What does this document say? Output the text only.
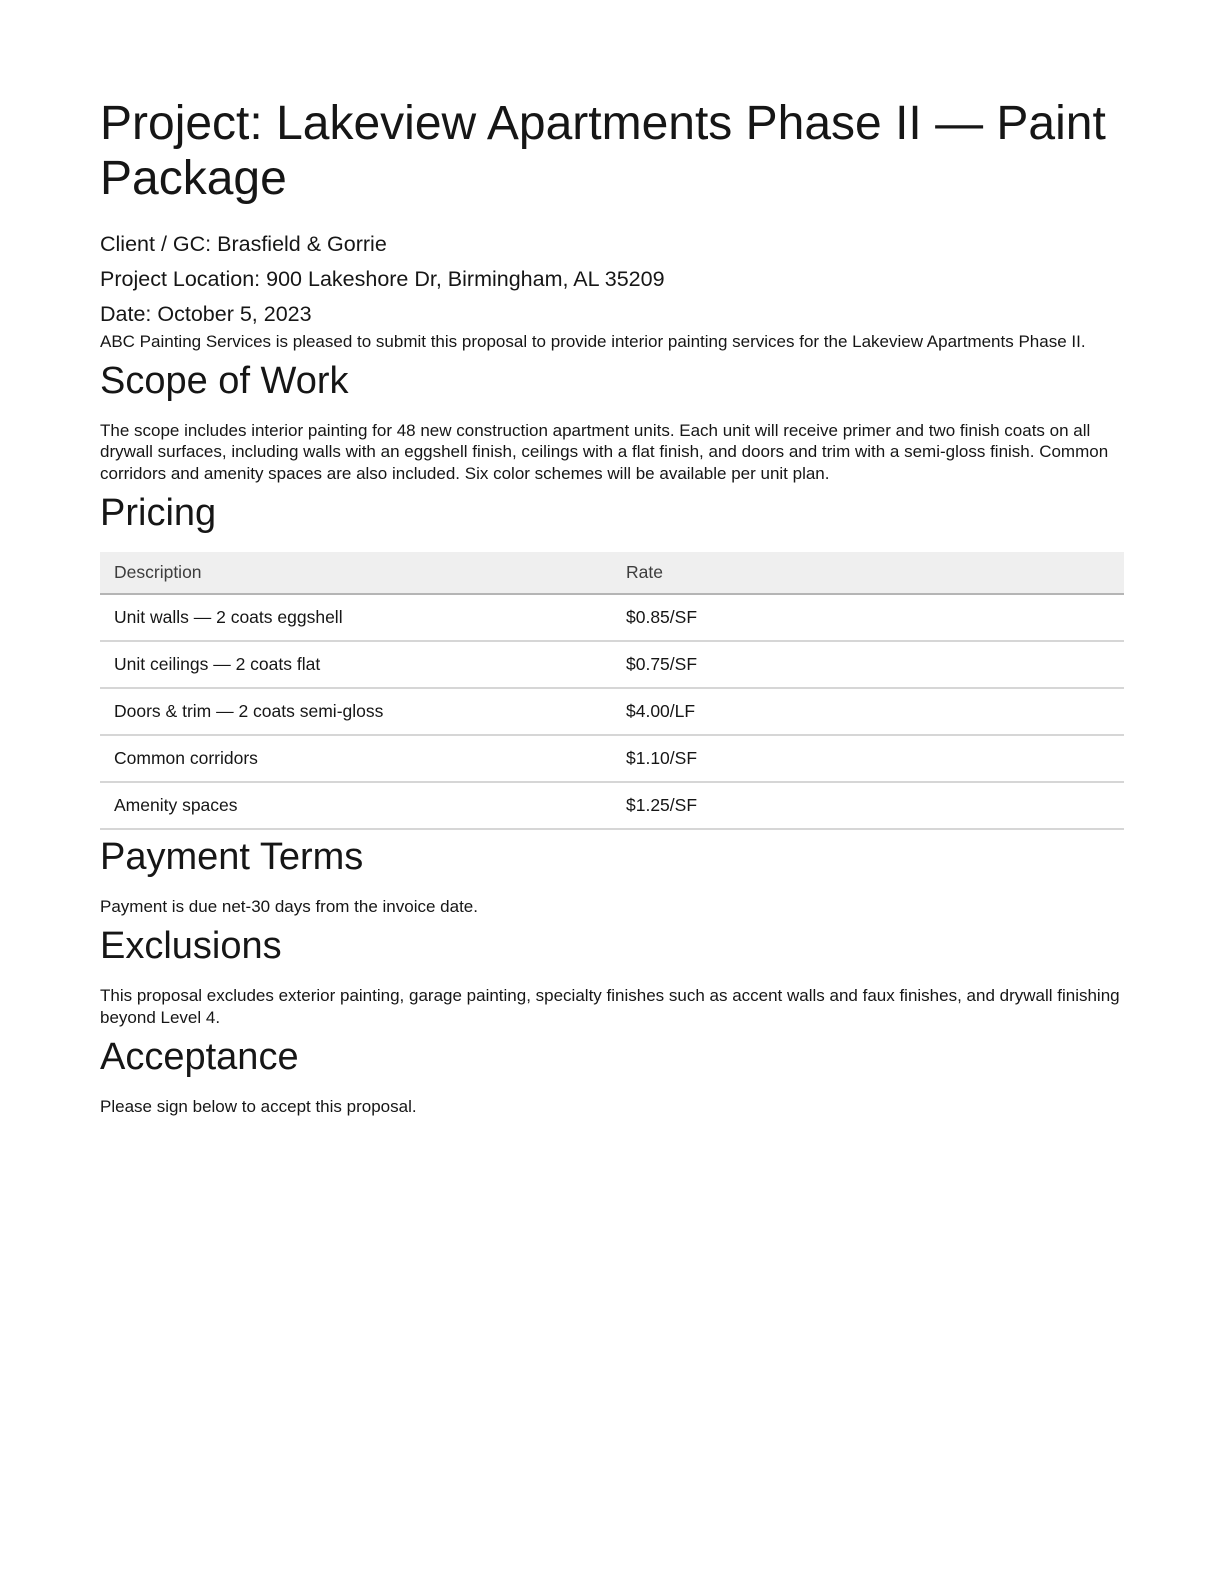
Project: Lakeview Apartments Phase II — Paint Package

Client / GC: Brasfield & Gorrie

Project Location: 900 Lakeshore Dr, Birmingham, AL 35209

Date: October 5, 2023

ABC Painting Services is pleased to submit this proposal to provide interior painting services for the Lakeview Apartments Phase II.

Scope of Work

The scope includes interior painting for 48 new construction apartment units. Each unit will receive primer and two finish coats on all drywall surfaces, including walls with an eggshell finish, ceilings with a flat finish, and doors and trim with a semi-gloss finish. Common corridors and amenity spaces are also included. Six color schemes will be available per unit plan.

Pricing
Description	Rate
Unit walls — 2 coats eggshell	$0.85/SF
Unit ceilings — 2 coats flat	$0.75/SF
Doors & trim — 2 coats semi-gloss	$4.00/LF
Common corridors	$1.10/SF
Amenity spaces	$1.25/SF
Payment Terms

Payment is due net-30 days from the invoice date.

Exclusions

This proposal excludes exterior painting, garage painting, specialty finishes such as accent walls and faux finishes, and drywall finishing beyond Level 4.

Acceptance

Please sign below to accept this proposal.
